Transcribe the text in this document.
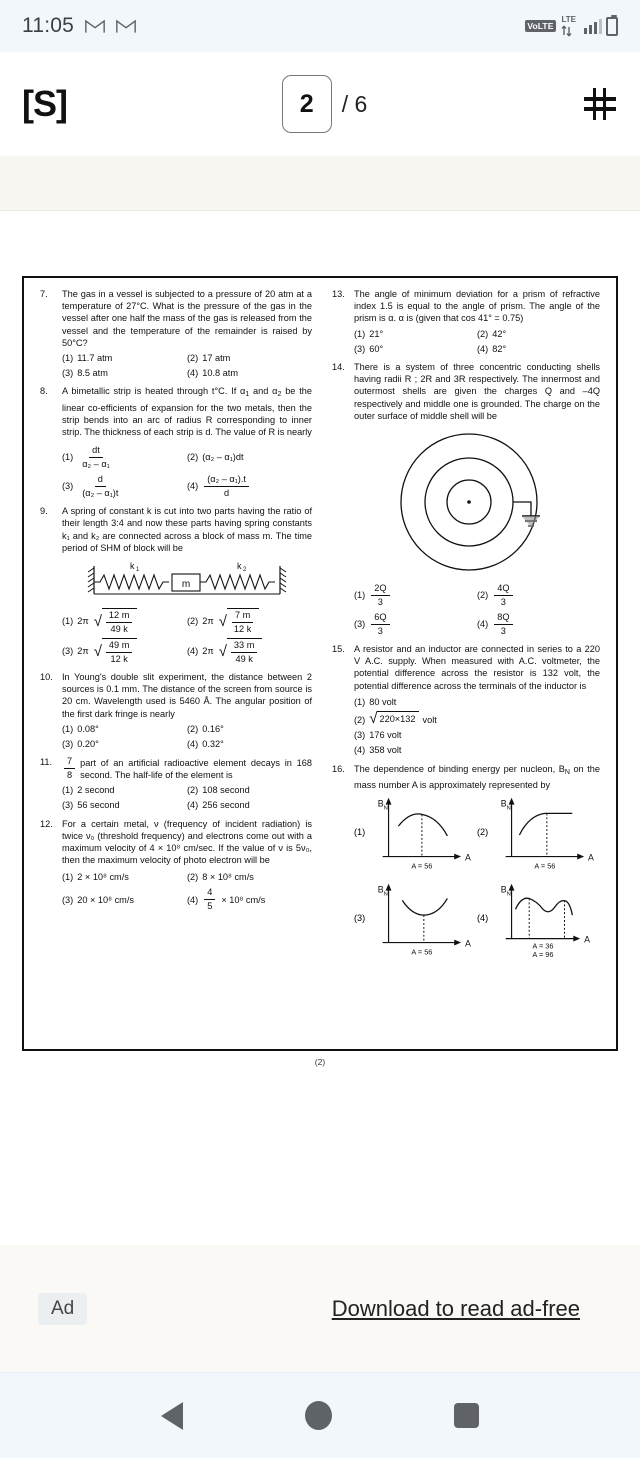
11:05	VoLTE
LTE
[S]	2	/ 6
7.	The gas in a vessel is subjected to a pressure of 20 atm at a temperature of 27°C. What is the pressure of the gas in the vessel after one half the mass of the gas is released from the vessel and the temperature of the remainder is raised by 50°C?
(1) 11.7 atm	(2) 17 atm
(3) 8.5 atm	(4) 10.8 atm
8.	A bimetallic strip is heated through t°C. If $\alpha_1$ and $\alpha_2$ be the linear co-efficients of expansion for the two metals, then the strip bends into an arc of radius R corresponding to inner strip. The thickness of each strip is d. The value of R is nearly
$(1) \frac{dt}{\text{α₂ – α₁}}$	(2) (α₂ – α₁)dt
$(3) \frac{d}{\text{(α₂ – α₁)t}}$	$(4) \frac{\text{(α₂ – α₁).t}}{d}$
9.	A spring of constant k is cut into two parts having the ratio of their length 3:4 and now these parts having spring constants k₁ and k₂ are connected across a block of mass m. The time period of SHM of block will be
m
k 1	k 2
(1) 2π √ $\frac{12 m}{49 k}$	(2) 2π √ $\frac{7 m}{12 k}$
(3) 2π √ $\frac{49 m}{12 k}$	(4) 2π √ $\frac{33 m}{49 k}$
10.	In Young's double slit experiment, the distance between 2 sources is 0.1 mm. The distance of the screen from source is 20 cm. Wavelength used is 5460 Å. The angular position of the first dark fringe is nearly
(1) 0.08°	(2) 0.16°
(3) 0.20°	(4) 0.32°
11.	$\frac{7}{8}$ part of an artificial radioactive element decays in 168 second. The half-life of the element is
(1) 2 second	(2) 108 second
(3) 56 second	(4) 256 second
12.	For a certain metal, ν (frequency of incident radiation) is twice ν₀ (threshold frequency) and electrons come out with a maximum velocity of 4 × 10⁸ cm/sec. If the value of ν is 5ν₀, then the maximum velocity of photo electron will be
(1) 2 × 10⁸ cm/s	(2) 8 × 10⁸ cm/s
(3) 20 × 10⁸ cm/s	$(4) \frac{4}{5} \times 10^8$ cm/s
13.	The angle of minimum deviation for a prism of refractive index 1.5 is equal to the angle of prism. The angle of the prism is α. α is (given that cos 41° = 0.75)
(1) 21°	(2) 42°
(3) 60°	(4) 82°
14.	There is a system of three concentric conducting shells having radii R ; 2R and 3R respectively. The innermost and outermost shells are given the charges Q and –4Q respectively and middle one is grounded. The charge on the outer surface of middle shell will be
$(1) \frac{2Q}{3}$	$(2) \frac{4Q}{3}$
$(3) \frac{6Q}{3}$	$(4) \frac{8Q}{3}$
15.	A resistor and an inductor are connected in series to a 220 V A.C. supply. When measured with A.C. voltmeter, the potential difference across the resistor is 132 volt, the potential difference across the terminals of the inductor is
(1) 80 volt
(2) √ 220×132 volt
(3) 176 volt
(4) 358 volt
16.	The dependence of binding energy per nucleon, $B_N$ on the mass number A is approximately represented by
(1)
B N
A
A = 56
(2)
B N
A
A = 56
(3)
B N
A
A = 56
(4)
B N
A
A = 36
A = 96
(2)
Ad	Download to read ad-free
